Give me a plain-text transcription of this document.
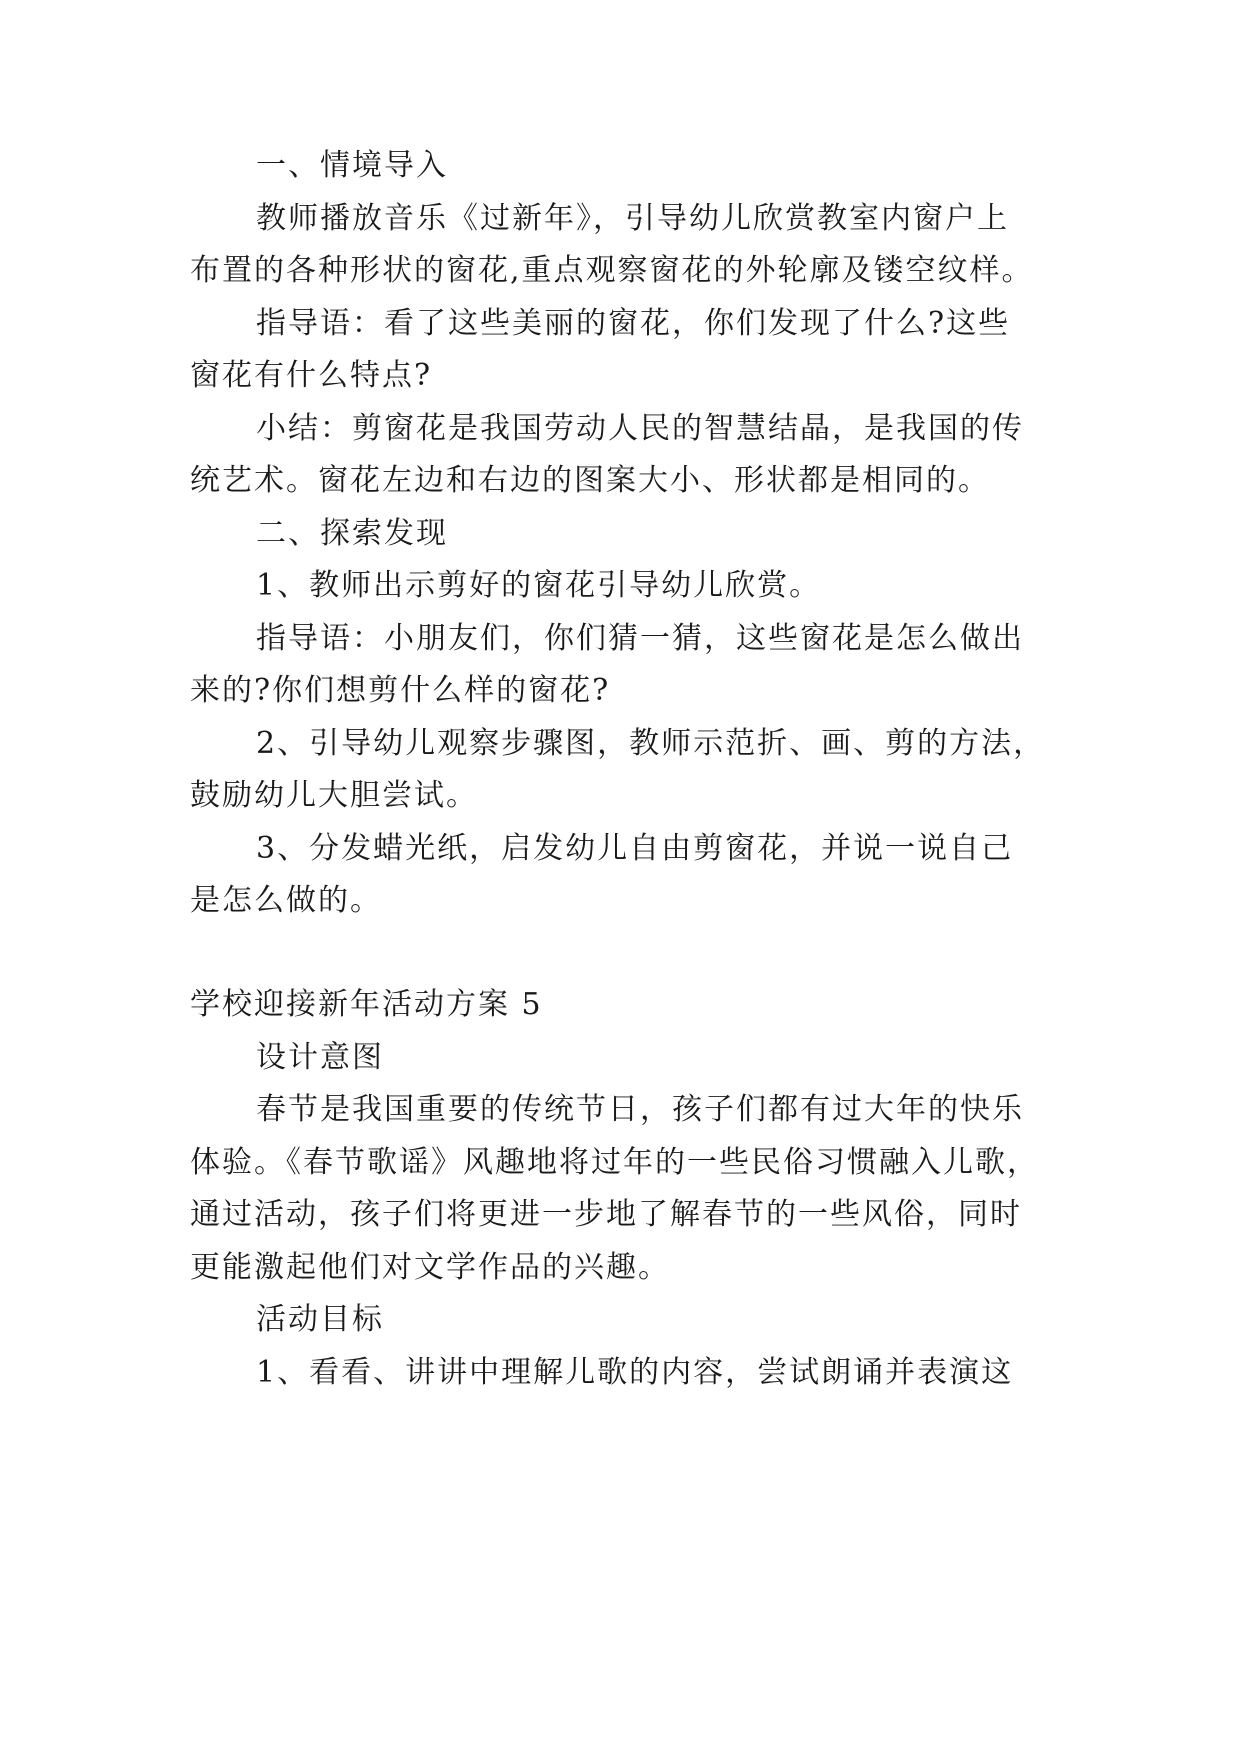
一、情境导入
教师播放音乐《过新年》，引导幼儿欣赏教室内窗户上
布置的各种形状的窗花,重点观察窗花的外轮廓及镂空纹样。
指导语：看了这些美丽的窗花，你们发现了什么?这些
窗花有什么特点?
小结：剪窗花是我国劳动人民的智慧结晶，是我国的传
统艺术。窗花左边和右边的图案大小、形状都是相同的。
二、探索发现
1、教师出示剪好的窗花引导幼儿欣赏。
指导语：小朋友们，你们猜一猜，这些窗花是怎么做出
来的?你们想剪什么样的窗花?
2、引导幼儿观察步骤图，教师示范折、画、剪的方法，
鼓励幼儿大胆尝试。
3、分发蜡光纸，启发幼儿自由剪窗花，并说一说自己
是怎么做的。
学校迎接新年活动方案 5
设计意图
春节是我国重要的传统节日，孩子们都有过大年的快乐
体验。《春节歌谣》风趣地将过年的一些民俗习惯融入儿歌，
通过活动，孩子们将更进一步地了解春节的一些风俗，同时
更能激起他们对文学作品的兴趣。
活动目标
1、看看、讲讲中理解儿歌的内容，尝试朗诵并表演这
